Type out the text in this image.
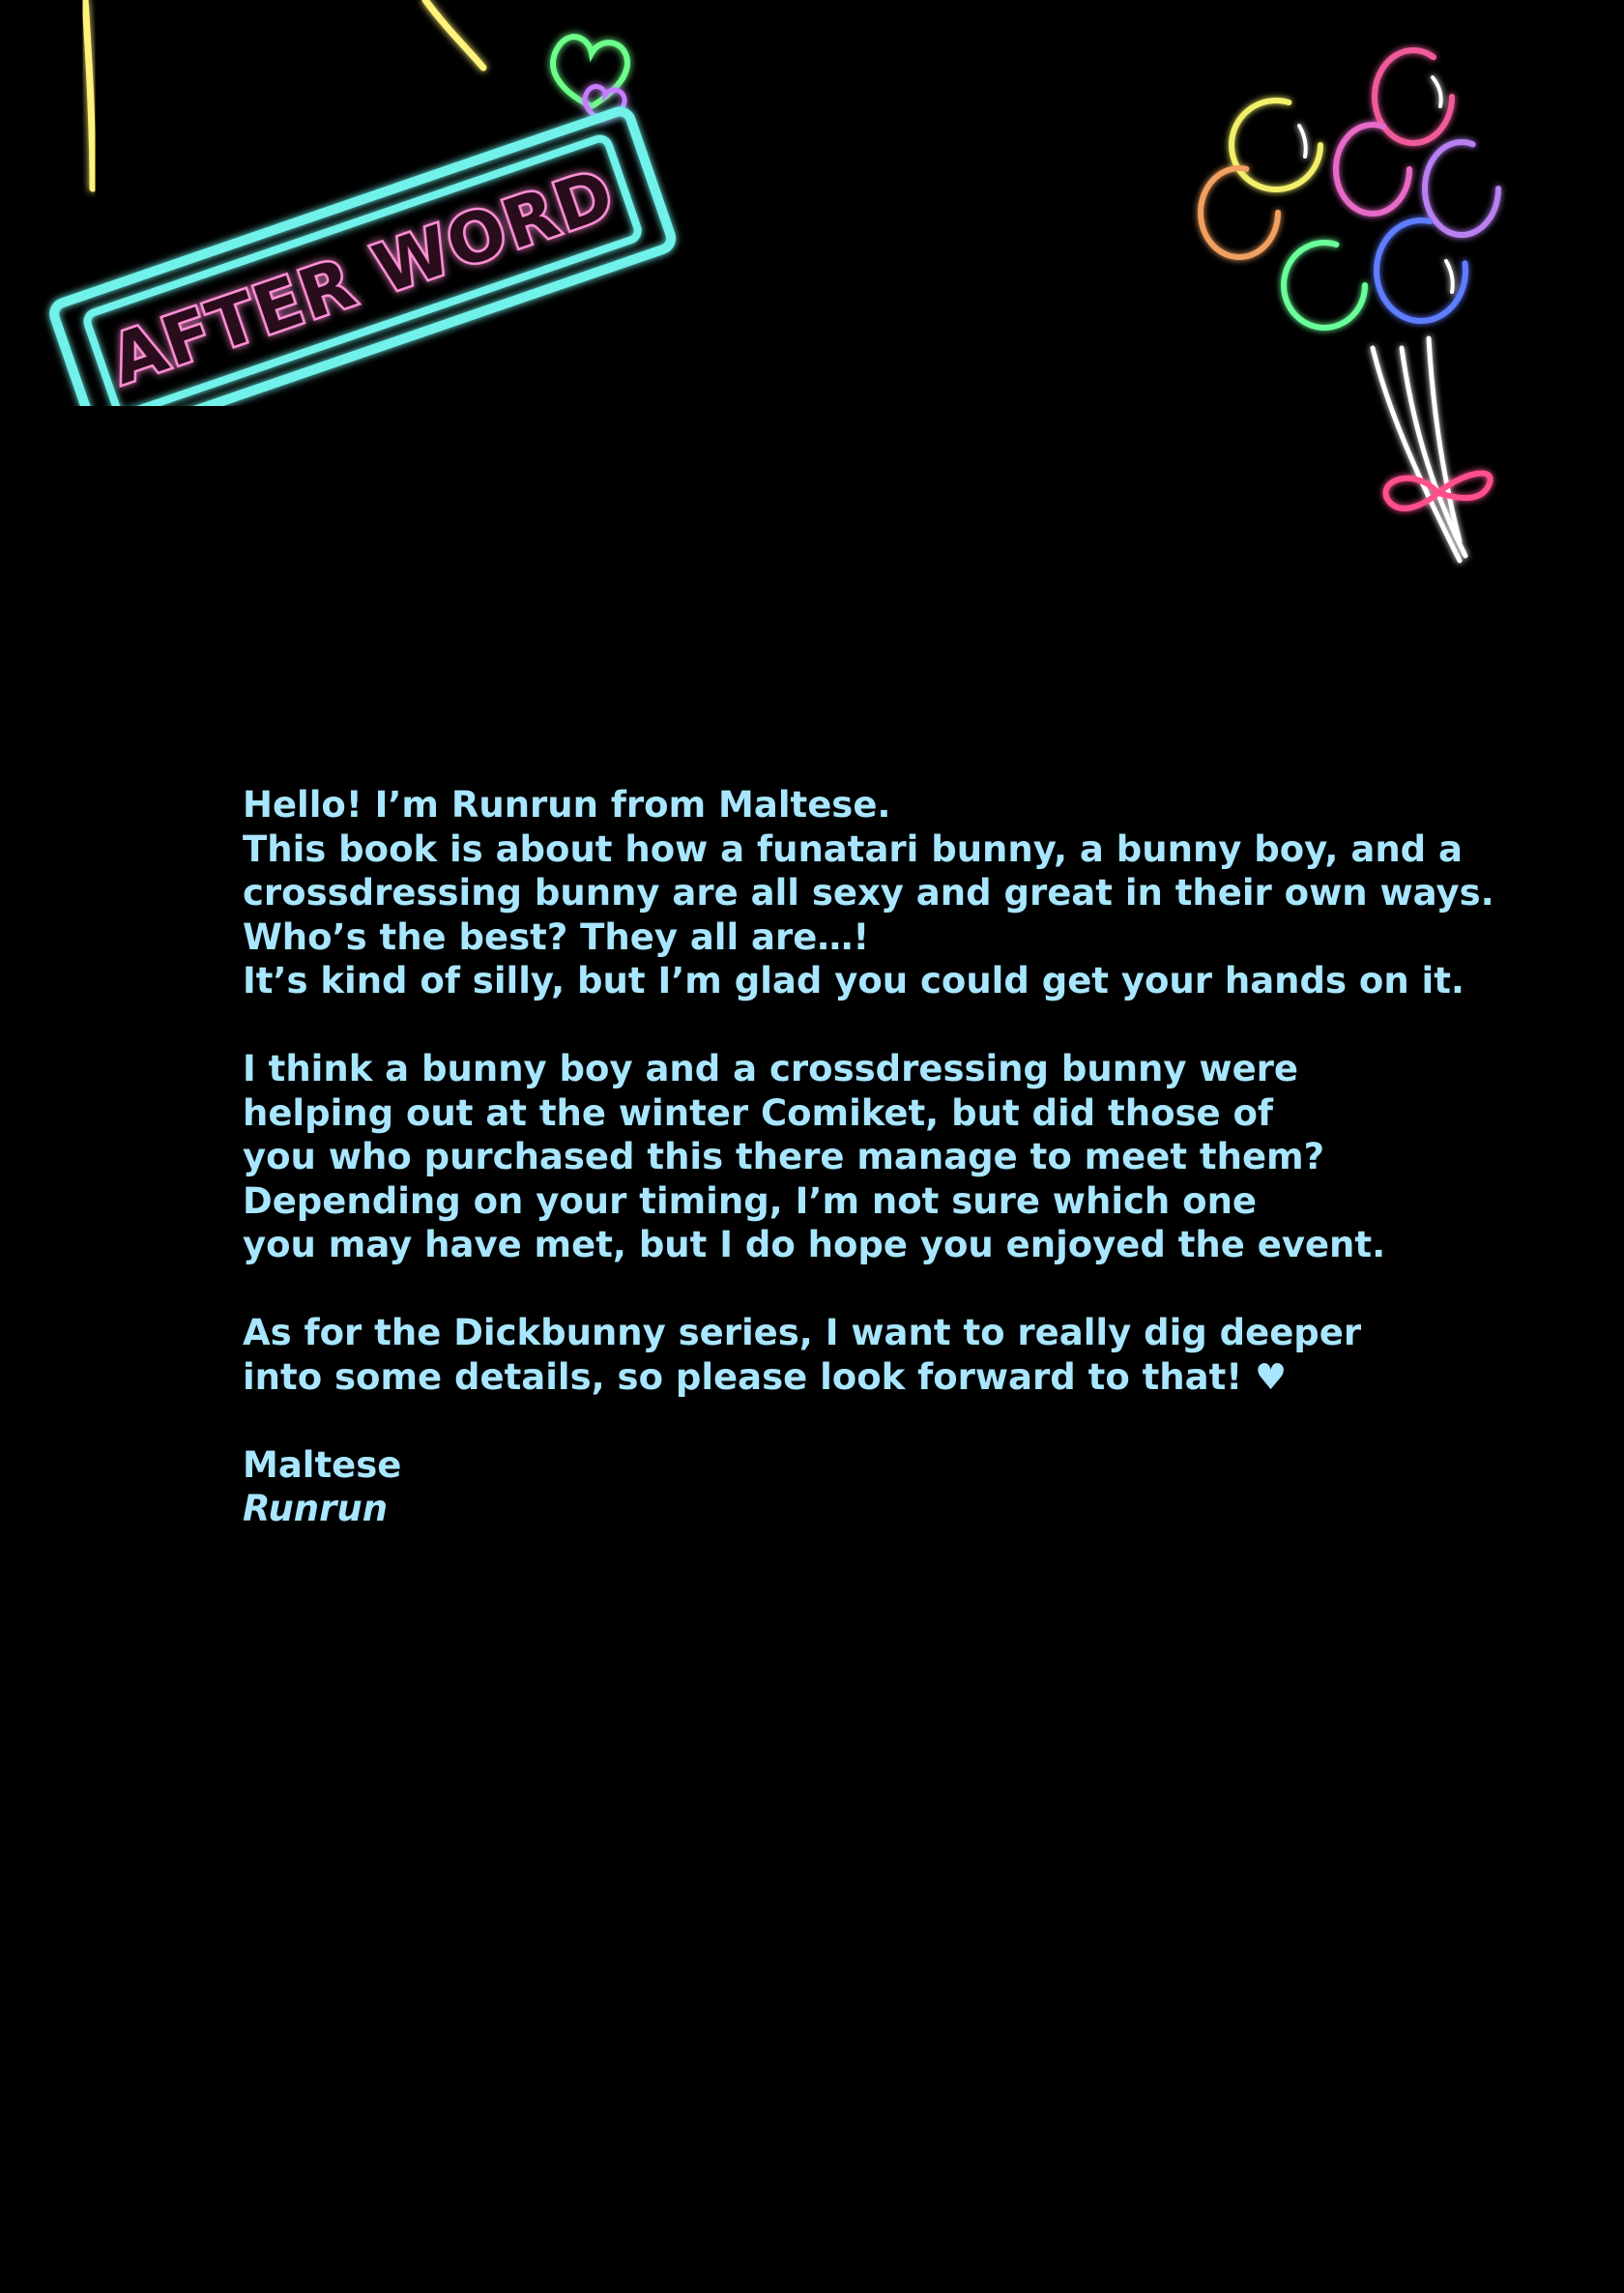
AFTER WORD

Hello! I’m Runrun from Maltese.
This book is about how a funatari bunny, a bunny boy, and a
crossdressing bunny are all sexy and great in their own ways.
Who’s the best? They all are…!
It’s kind of silly, but I’m glad you could get your hands on it.

I think a bunny boy and a crossdressing bunny were
helping out at the winter Comiket, but did those of
you who purchased this there manage to meet them?
Depending on your timing, I’m not sure which one
you may have met, but I do hope you enjoyed the event.

As for the Dickbunny series, I want to really dig deeper
into some details, so please look forward to that! ♥

Maltese
Runrun
